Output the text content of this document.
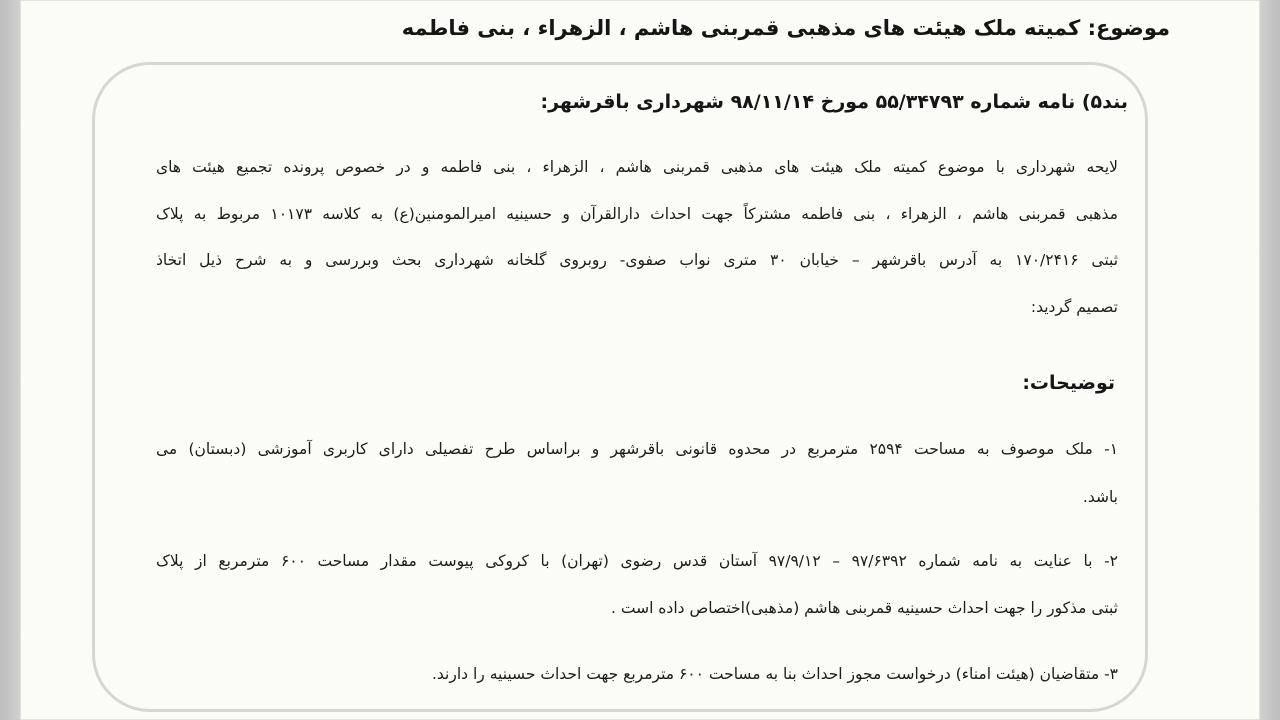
موضوع: کمیته ملک هیئت های مذهبی قمربنی هاشم ، الزهراء ، بنی فاطمه
بند۵) نامه شماره ۵۵/۳۴۷۹۳ مورخ ۹۸/۱۱/۱۴ شهرداری باقرشهر:
لایحه شهرداری با موضوع کمیته ملک هیئت های مذهبی قمربنی هاشم ، الزهراء ، بنی فاطمه و در خصوص پرونده تجمیع هیئت های
مذهبی قمربنی هاشم ، الزهراء ، بنی فاطمه مشترکاً جهت احداث دارالقرآن و حسینیه امیرالمومنین(ع) به کلاسه ۱۰۱۷۳ مربوط به پلاک
ثبتی ۱۷۰/۲۴۱۶ به آدرس باقرشهر – خیابان ۳۰ متری نواب صفوی- روبروی گلخانه شهرداری بحث وبررسی و به شرح ذیل اتخاذ
تصمیم گردید:
توضیحات:
۱- ملک موصوف به مساحت ۲۵۹۴ مترمربع در محدوه قانونی باقرشهر و براساس طرح تفصیلی دارای کاربری آموزشی (دبستان) می
باشد.
۲- با عنایت به نامه شماره ۹۷/۶۳۹۲ – ۹۷/۹/۱۲ آستان قدس رضوی (تهران) با کروکی پیوست مقدار مساحت ۶۰۰ مترمربع از پلاک
ثبتی مذکور را جهت احداث حسینیه قمربنی هاشم (مذهبی)اختصاص داده است .
۳- متقاضیان (هیئت امناء) درخواست مجوز احداث بنا به مساحت ۶۰۰ مترمربع جهت احداث حسینیه را دارند.
